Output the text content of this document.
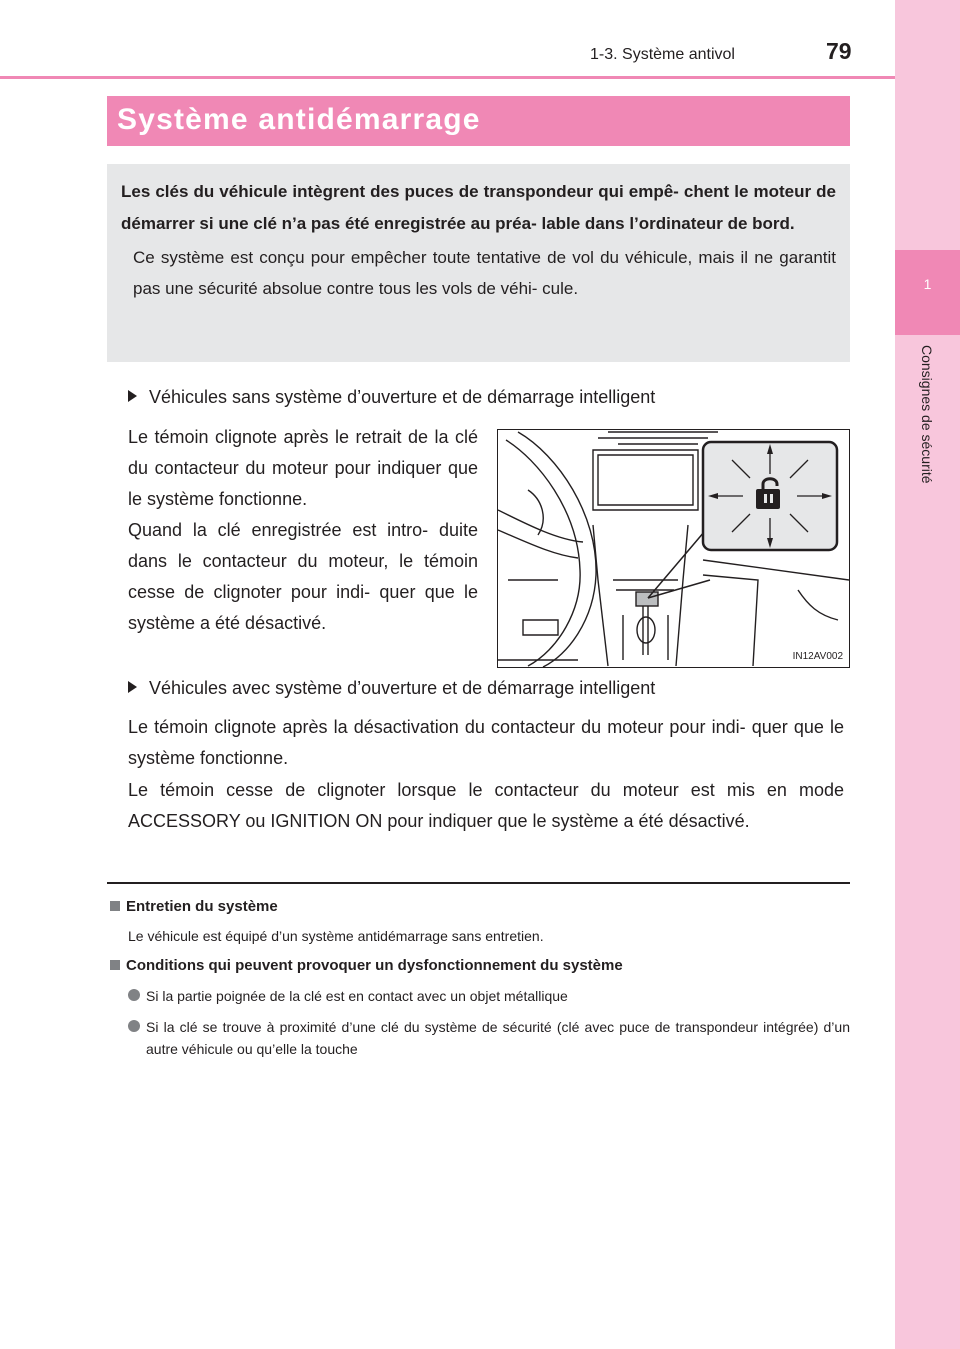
1
Consignes de sécurité
1-3. Système antivol	79
Système antidémarrage

Les clés du véhicule intègrent des puces de transpondeur qui empê- chent le moteur de démarrer si une clé n’a pas été enregistrée au préa- lable dans l’ordinateur de bord.

Ce système est conçu pour empêcher toute tentative de vol du véhicule, mais il ne garantit pas une sécurité absolue contre tous les vols de véhi- cule.

Véhicules sans système d’ouverture et de démarrage intelligent

Le témoin clignote après le retrait de la clé du contacteur du moteur pour indiquer que le système fonctionne.

Quand la clé enregistrée est intro- duite dans le contacteur du moteur, le témoin cesse de clignoter pour indi- quer que le système a été désactivé.

IN12AV002
Véhicules avec système d’ouverture et de démarrage intelligent

Le témoin clignote après la désactivation du contacteur du moteur pour indi- quer que le système fonctionne.

Le témoin cesse de clignoter lorsque le contacteur du moteur est mis en mode ACCESSORY ou IGNITION ON pour indiquer que le système a été désactivé.

Entretien du système

Le véhicule est équipé d’un système antidémarrage sans entretien.

Conditions qui peuvent provoquer un dysfonctionnement du système
Si la partie poignée de la clé est en contact avec un objet métallique
Si la clé se trouve à proximité d’une clé du système de sécurité (clé avec puce de transpondeur intégrée) d’un autre véhicule ou qu’elle la touche
